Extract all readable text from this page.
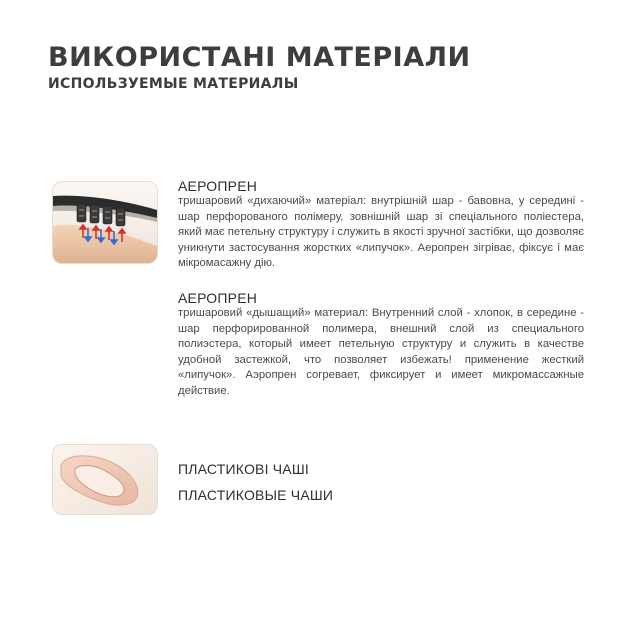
ВИКОРИСТАНІ МАТЕРІАЛИ
ИСПОЛЬЗУЕМЫЕ МАТЕРИАЛЫ
АЕРОПРЕН

тришаровий «дихаючий» матеріал: внутрішній шар - бавовна, у середині - шар перфорованого полімеру, зовнішній шар зі спеціального поліестера, який має петельну структуру і служить в якості зручної застібки, що дозволяє уникнути застосування жорстких «липучок». Аеропрен зігріває, фіксує і має мікромасажну дію.

АЕРОПРЕН

тришаровий «дышащий» материал: Внутренний слой - хлопок, в середине - шар перфорированной полимера, внешний слой из специального полиэстера, который имеет петельную структуру и служить в качестве удобной застежкой, что позволяет избежать! применение жесткий «липучок». Аэропрен согревает, фиксирует и имеет микромассажные действие.

ПЛАСТИКОВІ ЧАШІ
ПЛАСТИКОВЫЕ ЧАШИ
